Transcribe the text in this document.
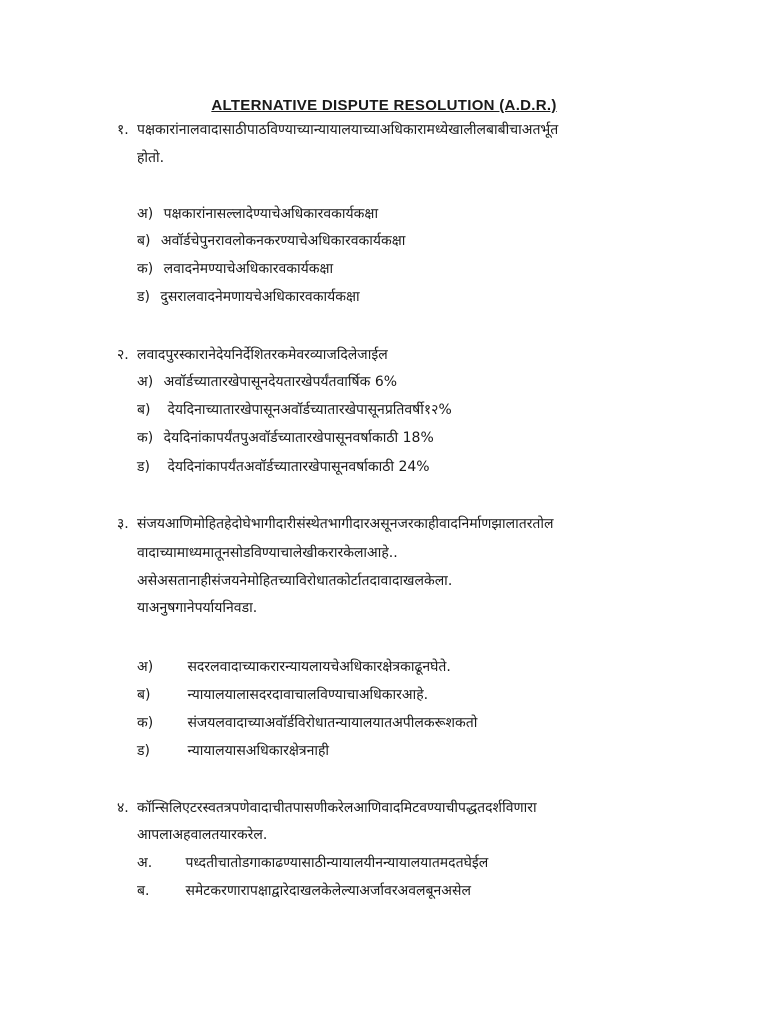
ALTERNATIVE DISPUTE RESOLUTION (A.D.R.)
१. पक्षकारांनालवादासाठीपाठविण्याच्यान्यायालयाच्याअधिकारामध्येखालीलबाबीचाअतर्भूत
होतो.
अ) पक्षकारांनासल्लादेण्याचेअधिकारवकार्यकक्षा
ब) अवॉर्डचेपुनरावलोकनकरण्याचेअधिकारवकार्यकक्षा
क) लवादनेमण्याचेअधिकारवकार्यकक्षा
ड) दुसरालवादनेमणायचेअधिकारवकार्यकक्षा
२. लवादपुरस्कारानेदेयनिर्देशितरकमेवरव्याजदिलेजाईल
अ) अवॉर्डच्यातारखेपासूनदेयतारखेपर्यंतवार्षिक 6%
ब) देयदिनाच्यातारखेपासूनअवॉर्डच्यातारखेपासूनप्रतिवर्षी१२%
क) देयदिनांकापर्यंतपुअवॉर्डच्यातारखेपासूनवर्षाकाठी 18%
ड) देयदिनांकापर्यंतअवॉर्डच्यातारखेपासूनवर्षाकाठी 24%
३. संजयआणिमोहितहेदोघेभागीदारीसंस्थेतभागीदारअसूनजरकाहीवादनिर्माणझालातरतोल
वादाच्यामाध्यमातूनसोडविण्याचालेखीकरारकेलाआहे..
असेअसतानाहीसंजयनेमोहितच्याविरोधातकोर्टातदावादाखलकेला.
याअनुषगानेपर्यायनिवडा.
अ) सदरलवादाच्याकरारन्यायलायचेअधिकारक्षेत्रकाढूनघेते.
ब)	न्यायालयालासदरदावाचालविण्याचाअधिकारआहे.
क) संजयलवादाच्याअवॉर्डविरोधातन्यायालयातअपीलकरूशकतो
ड)	न्यायालयासअधिकारक्षेत्रनाही
४. कॉन्सिलिएटरस्वतत्रपणेवादाचीतपासणीकरेलआणिवादमिटवण्याचीपद्धतदर्शविणारा
आपलाअहवालतयारकरेल.
अ. पध्दतीचातोडगाकाढण्यासाठीन्यायालयीनन्यायालयातमदतघेईल
ब.	समेटकरणारापक्षाद्वारेदाखलकेलेल्याअर्जावरअवलबूनअसेल
